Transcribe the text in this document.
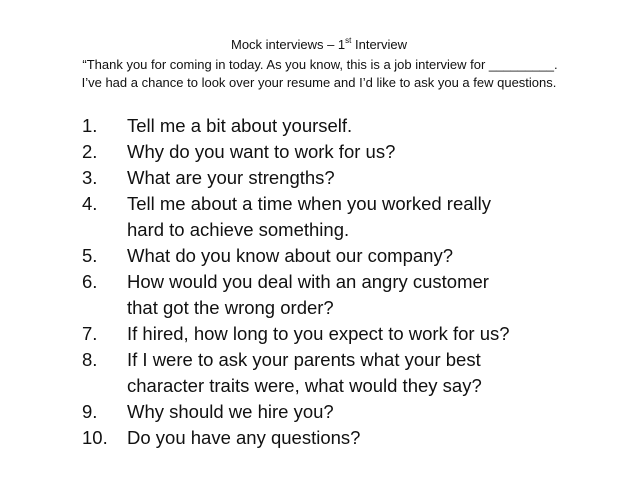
Mock interviews – 1st Interview
“Thank you for coming in today. As you know, this is a job interview for _________.
I’ve had a chance to look over your resume and I’d like to ask you a few questions.
1.	Tell me a bit about yourself.
2.	Why do you want to work for us?
3.	What are your strengths?
4.	Tell me about a time when you worked really
hard to achieve something.
5.	What do you know about our company?
6.	How would you deal with an angry customer
that got the wrong order?
7.	If hired, how long to you expect to work for us?
8.	If I were to ask your parents what your best
character traits were, what would they say?
9.	Why should we hire you?
10.	Do you have any questions?
